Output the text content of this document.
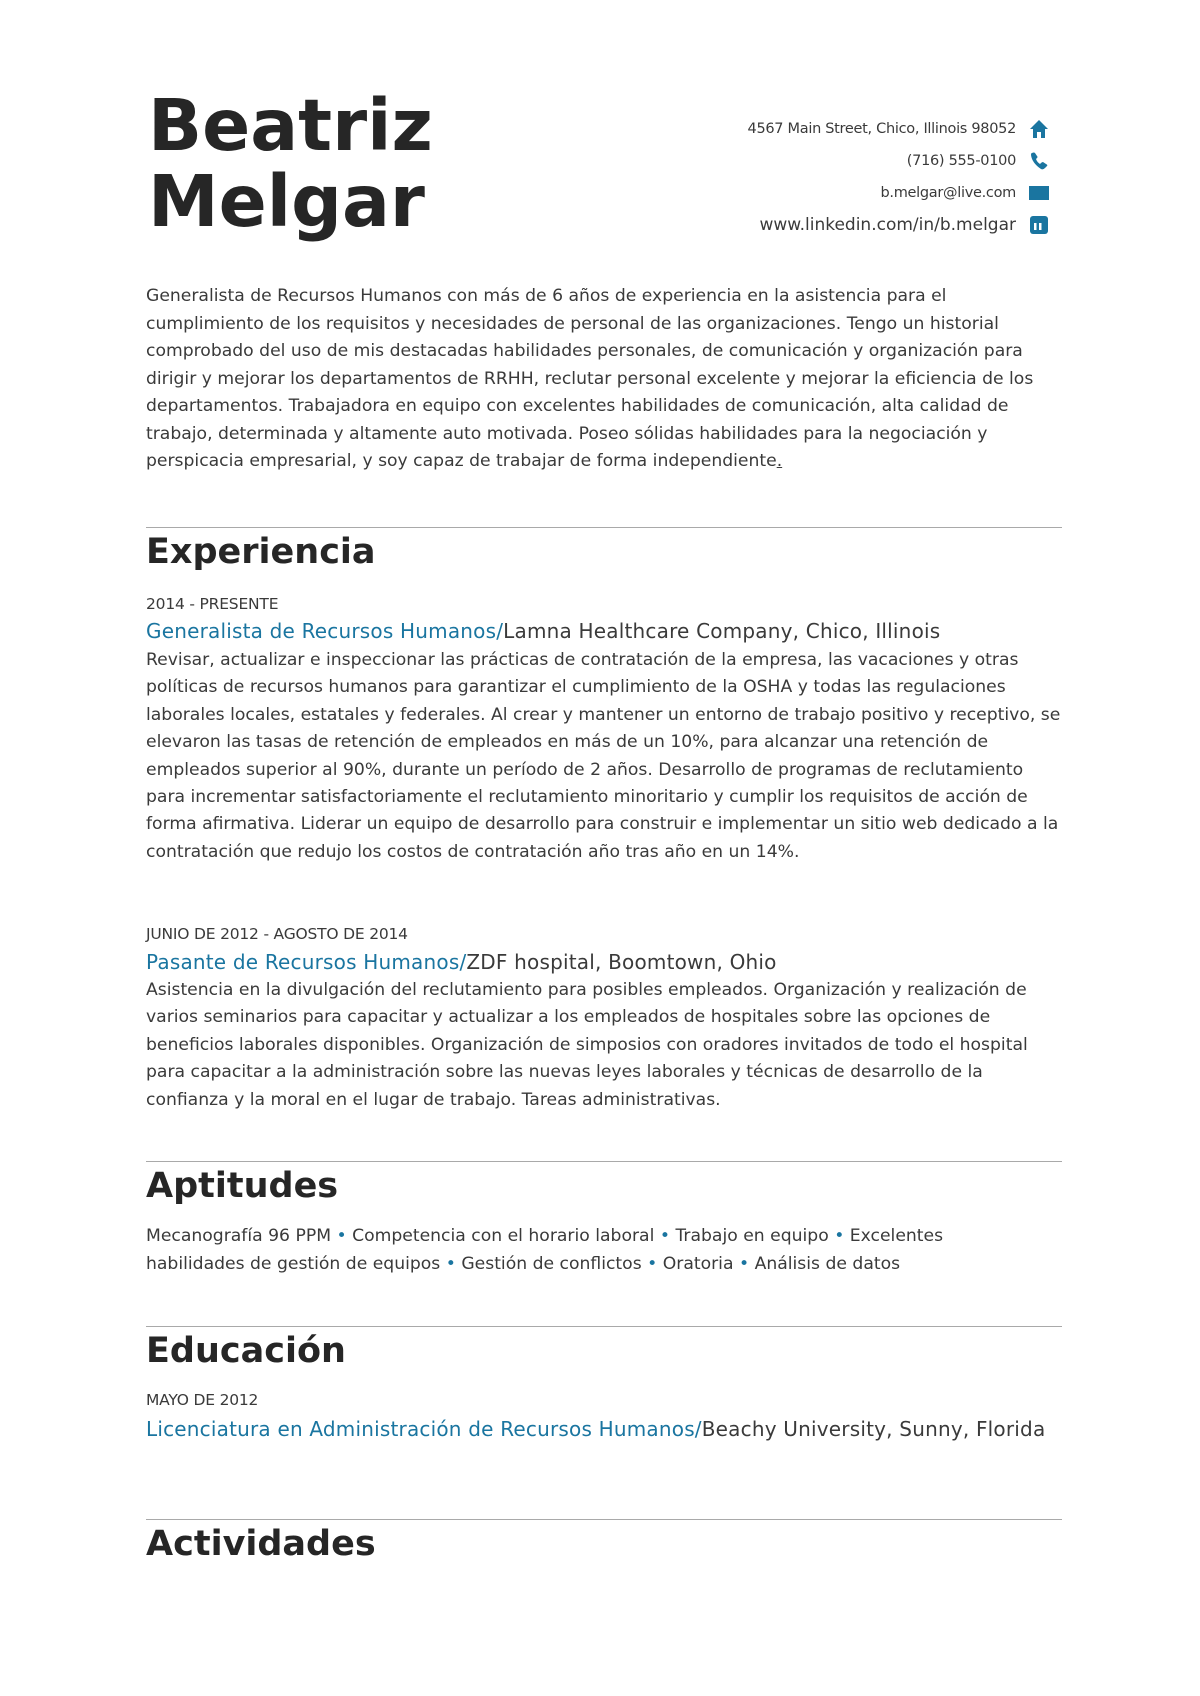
Beatriz
Melgar
4567 Main Street, Chico, Illinois 98052
(716) 555-0100
b.melgar@live.com
www.linkedin.com/in/b.melgar

Generalista de Recursos Humanos con más de 6 años de experiencia en la asistencia para el cumplimiento de los requisitos y necesidades de personal de las organizaciones. Tengo un historial comprobado del uso de mis destacadas habilidades personales, de comunicación y organización para dirigir y mejorar los departamentos de RRHH, reclutar personal excelente y mejorar la eficiencia de los departamentos. Trabajadora en equipo con excelentes habilidades de comunicación, alta calidad de trabajo, determinada y altamente auto motivada. Poseo sólidas habilidades para la negociación y perspicacia empresarial, y soy capaz de trabajar de forma independiente.

Experiencia

2014 - PRESENTE

Generalista de Recursos Humanos/Lamna Healthcare Company, Chico, Illinois

Revisar, actualizar e inspeccionar las prácticas de contratación de la empresa, las vacaciones y otras políticas de recursos humanos para garantizar el cumplimiento de la OSHA y todas las regulaciones laborales locales, estatales y federales. Al crear y mantener un entorno de trabajo positivo y receptivo, se elevaron las tasas de retención de empleados en más de un 10%, para alcanzar una retención de empleados superior al 90%, durante un período de 2 años. Desarrollo de programas de reclutamiento para incrementar satisfactoriamente el reclutamiento minoritario y cumplir los requisitos de acción de forma afirmativa. Liderar un equipo de desarrollo para construir e implementar un sitio web dedicado a la contratación que redujo los costos de contratación año tras año en un 14%.

JUNIO DE 2012 - AGOSTO DE 2014

Pasante de Recursos Humanos/ZDF hospital, Boomtown, Ohio

Asistencia en la divulgación del reclutamiento para posibles empleados. Organización y realización de varios seminarios para capacitar y actualizar a los empleados de hospitales sobre las opciones de beneficios laborales disponibles. Organización de simposios con oradores invitados de todo el hospital para capacitar a la administración sobre las nuevas leyes laborales y técnicas de desarrollo de la confianza y la moral en el lugar de trabajo. Tareas administrativas.

Aptitudes

Mecanografía 96 PPM • Competencia con el horario laboral • Trabajo en equipo • Excelentes habilidades de gestión de equipos • Gestión de conflictos • Oratoria • Análisis de datos

Educación

MAYO DE 2012

Licenciatura en Administración de Recursos Humanos/Beachy University, Sunny, Florida

Actividades
